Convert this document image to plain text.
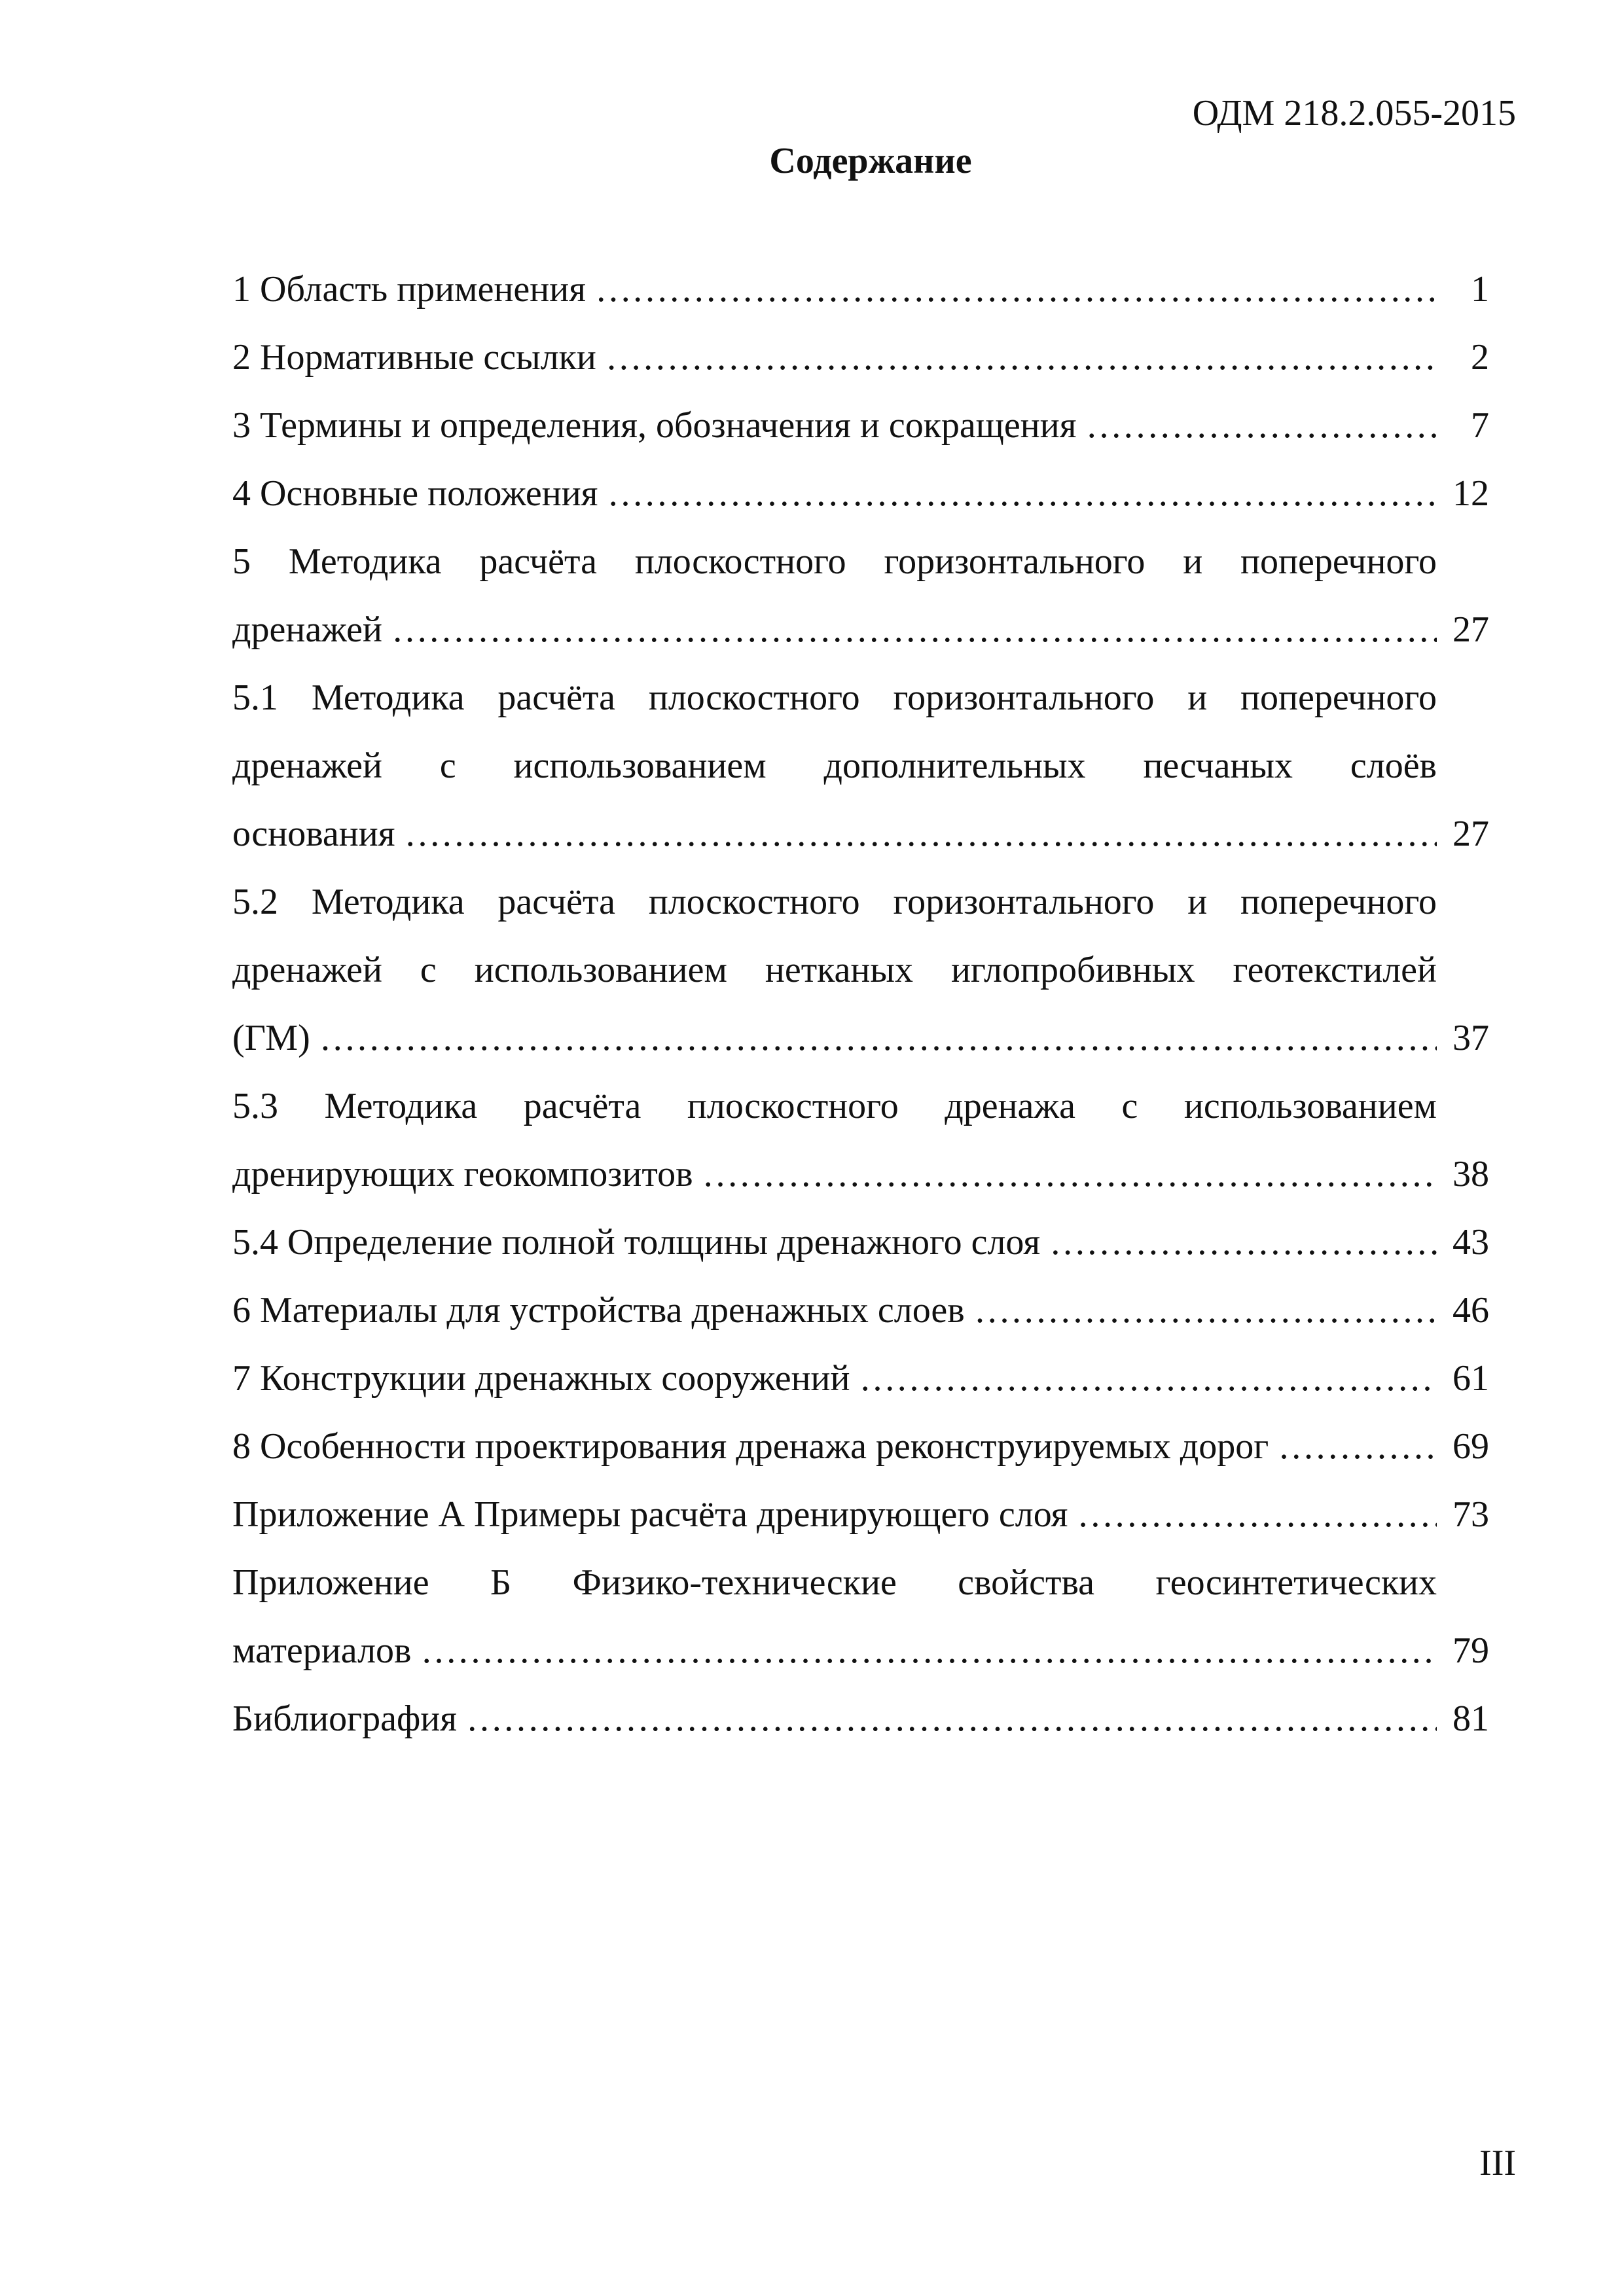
ОДМ 218.2.055-2015
Содержание
1 Область применения ……………………………………………………………………………………………………………………………………………………………………………………………………	1
2 Нормативные ссылки ……………………………………………………………………………………………………………………………………………………………………………………………………	2
3 Термины и определения, обозначения и сокращения ……………………………………………………………………………………………………………………………………………………………………………………………………	7
4 Основные положения ……………………………………………………………………………………………………………………………………………………………………………………………………	12
5 Методика расчёта плоскостного горизонтального и поперечного
дренажей ……………………………………………………………………………………………………………………………………………………………………………………………………	27
5.1 Методика расчёта плоскостного горизонтального и поперечного
дренажей с использованием дополнительных песчаных слоёв
основания ……………………………………………………………………………………………………………………………………………………………………………………………………	27
5.2 Методика расчёта плоскостного горизонтального и поперечного
дренажей с использованием нетканых иглопробивных геотекстилей
(ГМ) ……………………………………………………………………………………………………………………………………………………………………………………………………	37
5.3 Методика расчёта плоскостного дренажа с использованием
дренирующих геокомпозитов ……………………………………………………………………………………………………………………………………………………………………………………………………	38
5.4 Определение полной толщины дренажного слоя ……………………………………………………………………………………………………………………………………………………………………………………………………	43
6 Материалы для устройства дренажных слоев ……………………………………………………………………………………………………………………………………………………………………………………………………	46
7 Конструкции дренажных сооружений ……………………………………………………………………………………………………………………………………………………………………………………………………	61
8 Особенности проектирования дренажа реконструируемых дорог ……………………………………………………………………………………………………………………………………………………………………………………………………	69
Приложение А Примеры расчёта дренирующего слоя ……………………………………………………………………………………………………………………………………………………………………………………………………	73
Приложение Б Физико-технические свойства геосинтетических
материалов ……………………………………………………………………………………………………………………………………………………………………………………………………	79
Библиография ……………………………………………………………………………………………………………………………………………………………………………………………………	81
III
